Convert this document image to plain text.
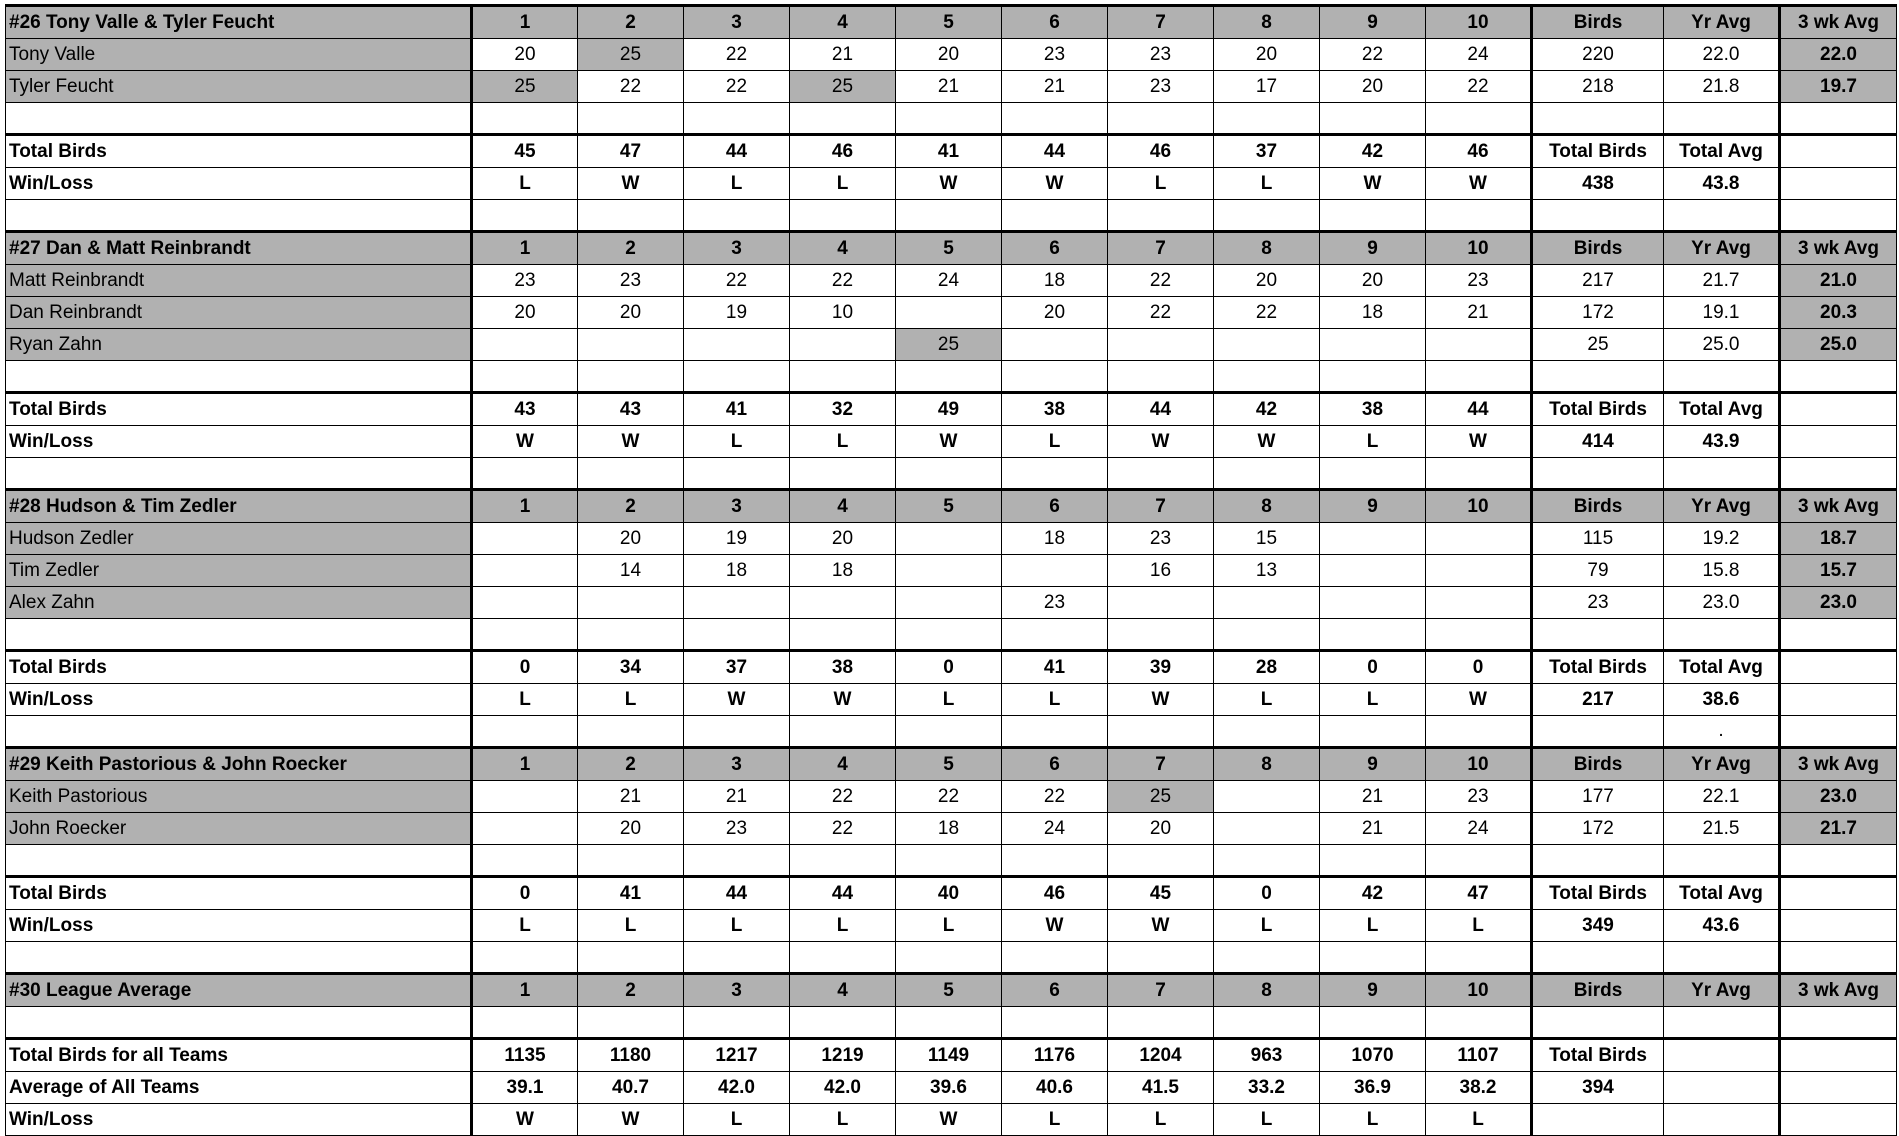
#26 Tony Valle & Tyler Feucht	1	2	3	4	5	6	7	8	9	10	Birds	Yr Avg	3 wk Avg
Tony Valle	20	25	22	21	20	23	23	20	22	24	220	22.0	22.0
Tyler Feucht	25	22	22	25	21	21	23	17	20	22	218	21.8	19.7

Total Birds	45	47	44	46	41	44	46	37	42	46	Total Birds	Total Avg	
Win/Loss	L	W	L	L	W	W	L	L	W	W	438	43.8	

#27 Dan & Matt Reinbrandt	1	2	3	4	5	6	7	8	9	10	Birds	Yr Avg	3 wk Avg
Matt Reinbrandt	23	23	22	22	24	18	22	20	20	23	217	21.7	21.0
Dan Reinbrandt	20	20	19	10		20	22	22	18	21	172	19.1	20.3
Ryan Zahn					25						25	25.0	25.0

Total Birds	43	43	41	32	49	38	44	42	38	44	Total Birds	Total Avg	
Win/Loss	W	W	L	L	W	L	W	W	L	W	414	43.9	

#28 Hudson & Tim Zedler	1	2	3	4	5	6	7	8	9	10	Birds	Yr Avg	3 wk Avg
Hudson Zedler		20	19	20		18	23	15			115	19.2	18.7
Tim Zedler		14	18	18			16	13			79	15.8	15.7
Alex Zahn						23					23	23.0	23.0

Total Birds	0	34	37	38	0	41	39	28	0	0	Total Birds	Total Avg	
Win/Loss	L	L	W	W	L	L	W	L	L	W	217	38.6	
												.	
#29 Keith Pastorious & John Roecker	1	2	3	4	5	6	7	8	9	10	Birds	Yr Avg	3 wk Avg
Keith Pastorious		21	21	22	22	22	25		21	23	177	22.1	23.0
John Roecker		20	23	22	18	24	20		21	24	172	21.5	21.7

Total Birds	0	41	44	44	40	46	45	0	42	47	Total Birds	Total Avg	
Win/Loss	L	L	L	L	L	W	W	L	L	L	349	43.6	

#30 League Average	1	2	3	4	5	6	7	8	9	10	Birds	Yr Avg	3 wk Avg

Total Birds for all Teams	1135	1180	1217	1219	1149	1176	1204	963	1070	1107	Total Birds		
Average of All Teams	39.1	40.7	42.0	42.0	39.6	40.6	41.5	33.2	36.9	38.2	394		
Win/Loss	W	W	L	L	W	L	L	L	L	L			
